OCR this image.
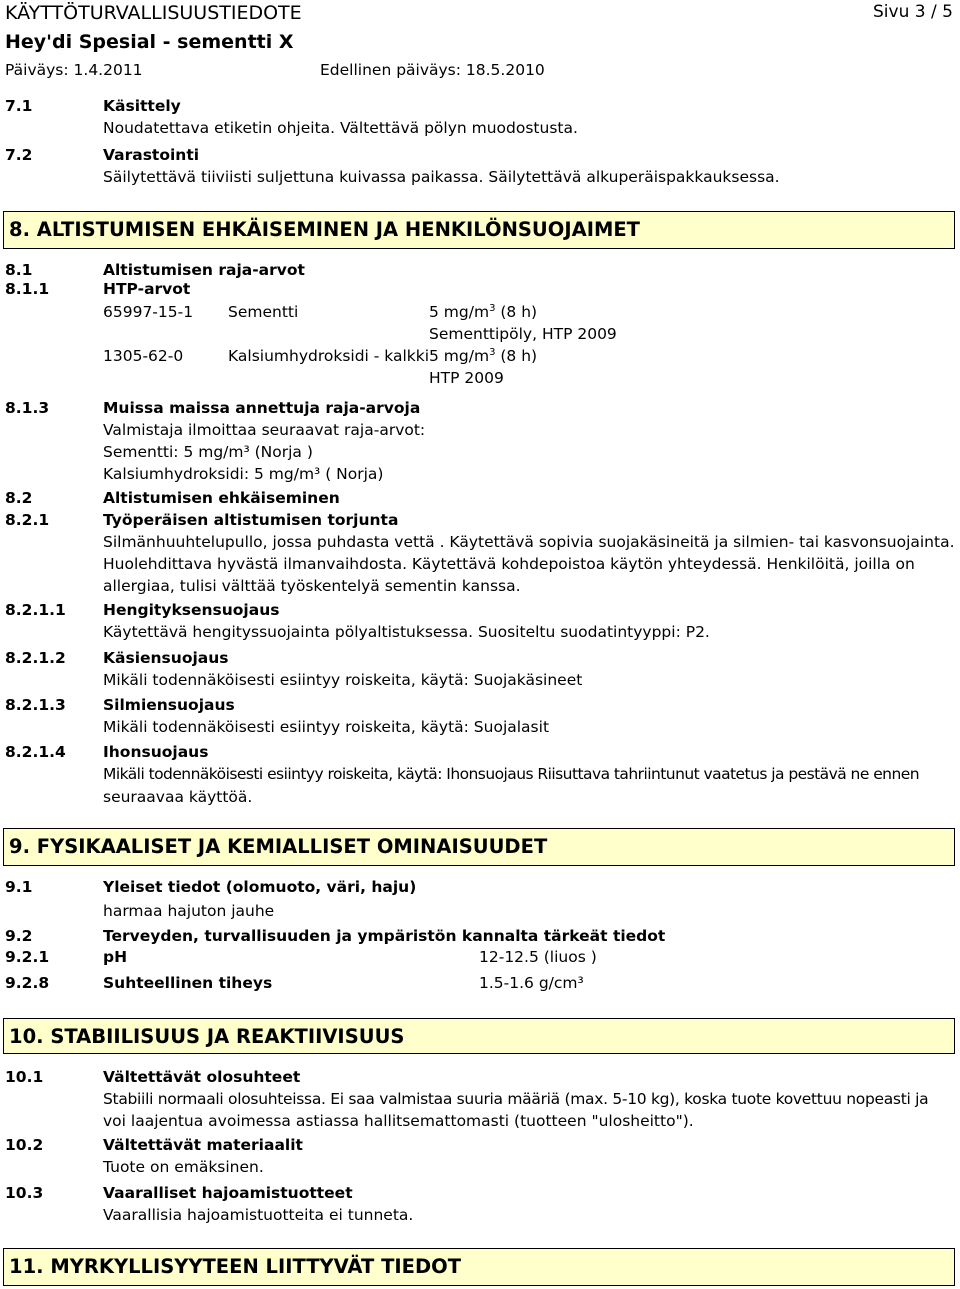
KÄYTTÖTURVALLISUUSTIEDOTE	Sivu 3 / 5
Hey'di Spesial - sementti X
Päiväys: 1.4.2011	Edellinen päiväys: 18.5.2010
7.1	Käsittely
Noudatettava etiketin ohjeita. Vältettävä pölyn muodostusta.
7.2	Varastointi
Säilytettävä tiiviisti suljettuna kuivassa paikassa. Säilytettävä alkuperäispakkauksessa.
8. ALTISTUMISEN EHKÄISEMINEN JA HENKILÖNSUOJAIMET
8.1	Altistumisen raja-arvot
8.1.1	HTP-arvot
65997-15-1 Sementti	5 $mg/m^3$ (8 h)
Sementtipöly, HTP 2009
1305-62-0	Kalsiumhydroksidi - kalkki 5 $mg/m^3$ (8 h)
HTP 2009
8.1.3	Muissa maissa annettuja raja-arvoja
Valmistaja ilmoittaa seuraavat raja-arvot:
Sementti: 5 mg/m³ (Norja )
Kalsiumhydroksidi: 5 mg/m³ ( Norja)
8.2	Altistumisen ehkäiseminen
8.2.1	Työperäisen altistumisen torjunta
Silmänhuuhtelupullo, jossa puhdasta vettä . Käytettävä sopivia suojakäsineitä ja silmien- tai kasvonsuojainta.
Huolehdittava hyvästä ilmanvaihdosta. Käytettävä kohdepoistoa käytön yhteydessä. Henkilöitä, joilla on
allergiaa, tulisi välttää työskentelyä sementin kanssa.
8.2.1.1 Hengityksensuojaus
Käytettävä hengityssuojainta pölyaltistuksessa. Suositeltu suodatintyyppi: P2.
8.2.1.2 Käsiensuojaus
Mikäli todennäköisesti esiintyy roiskeita, käytä: Suojakäsineet
8.2.1.3 Silmiensuojaus
Mikäli todennäköisesti esiintyy roiskeita, käytä: Suojalasit
8.2.1.4 Ihonsuojaus
Mikäli todennäköisesti esiintyy roiskeita, käytä: Ihonsuojaus Riisuttava tahriintunut vaatetus ja pestävä ne ennen
seuraavaa käyttöä.
9. FYSIKAALISET JA KEMIALLISET OMINAISUUDET
9.1	Yleiset tiedot (olomuoto, väri, haju)
harmaa hajuton jauhe
9.2	Terveyden, turvallisuuden ja ympäristön kannalta tärkeät tiedot
9.2.1	pH	12-12.5 (liuos )
9.2.8	Suhteellinen tiheys	1.5-1.6 g/cm³
10. STABIILISUUS JA REAKTIIVISUUS
10.1	Vältettävät olosuhteet
Stabiili normaali olosuhteissa. Ei saa valmistaa suuria määriä (max. 5-10 kg), koska tuote kovettuu nopeasti ja
voi laajentua avoimessa astiassa hallitsemattomasti (tuotteen "ulosheitto").
10.2	Vältettävät materiaalit
Tuote on emäksinen.
10.3	Vaaralliset hajoamistuotteet
Vaarallisia hajoamistuotteita ei tunneta.
11. MYRKYLLISYYTEEN LIITTYVÄT TIEDOT
